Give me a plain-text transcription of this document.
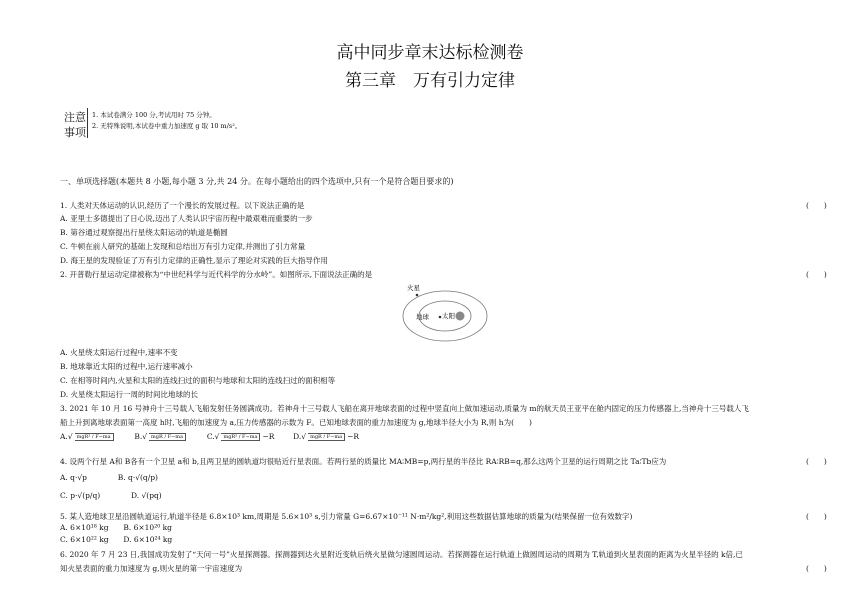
高中同步章末达标检测卷
第三章　万有引力定律
注意
事项
1. 本试卷满分 100 分,考试用时 75 分钟。
2. 无特殊说明,本试卷中重力加速度 g 取 10 m/s²。
一、单项选择题(本题共 8 小题,每小题 3 分,共 24 分。在每小题给出的四个选项中,只有一个是符合题目要求的)
1. 人类对天体运动的认识,经历了一个漫长的发展过程。以下说法正确的是	(　　)
A. 亚里士多德提出了日心说,迈出了人类认识宇宙历程中最艰难而重要的一步
B. 第谷通过观察提出行星绕太阳运动的轨道是椭圆
C. 牛顿在前人研究的基础上发现和总结出万有引力定律,并测出了引力常量
D. 海王星的发现验证了万有引力定律的正确性,显示了理论对实践的巨大指导作用
2. 开普勒行星运动定律被称为“中世纪科学与近代科学的分水岭”。如图所示,下面说法正确的是	(　　)
火星
地球 太阳
A. 火星绕太阳运行过程中,速率不变
B. 地球靠近太阳的过程中,运行速率减小
C. 在相等时间内,火星和太阳的连线扫过的面积与地球和太阳的连线扫过的面积相等
D. 火星绕太阳运行一周的时间比地球的长
3. 2021 年 10 月 16 号神舟十三号载人飞船发射任务圆满成功。若神舟十三号载人飞船在离开地球表面的过程中竖直向上做加速运动,质量为 m的航天员王亚平在舱内固定的压力传感器上,当神舟十三号载人飞
船上升到离地球表面第一高度 h时,飞船的加速度为 a,压力传感器的示数为 F。已知地球表面的重力加速度为 g,地球半径大小为 R,则 h为(　　)
A.√ mgR² / F−ma	B.√ mgR / F−ma	C.√ mgR² / F−ma −R	D.√ mgR / F−ma −R
4. 设两个行星 A和 B各有一个卫星 a和 b,且两卫星的圆轨道均很贴近行星表面。若两行星的质量比 MA∶MB=p,两行星的半径比 RA∶RB=q,那么这两个卫星的运行周期之比 Ta∶Tb应为	(　　)
A. q·√p	B. q·√(q/p)
C. p·√(p/q)	D. √(pq)
5. 某人造地球卫星沿圆轨道运行,轨道半径是 6.8×10³ km,周期是 5.6×10³ s,引力常量 G=6.67×10⁻¹¹ N·m²/kg²,利用这些数据估算地球的质量为(结果保留一位有效数字)	(　　)
A. 6×10¹⁸ kg B. 6×10²⁰ kg
C. 6×10²² kg D. 6×10²⁴ kg
6. 2020 年 7 月 23 日,我国成功发射了“天问一号”火星探测器。探测器到达火星附近变轨后绕火星做匀速圆周运动。若探测器在运行轨道上做圆周运动的周期为 T,轨道到火星表面的距离为火星半径的 k倍,已
知火星表面的重力加速度为 g,则火星的第一宇宙速度为	(　　)
